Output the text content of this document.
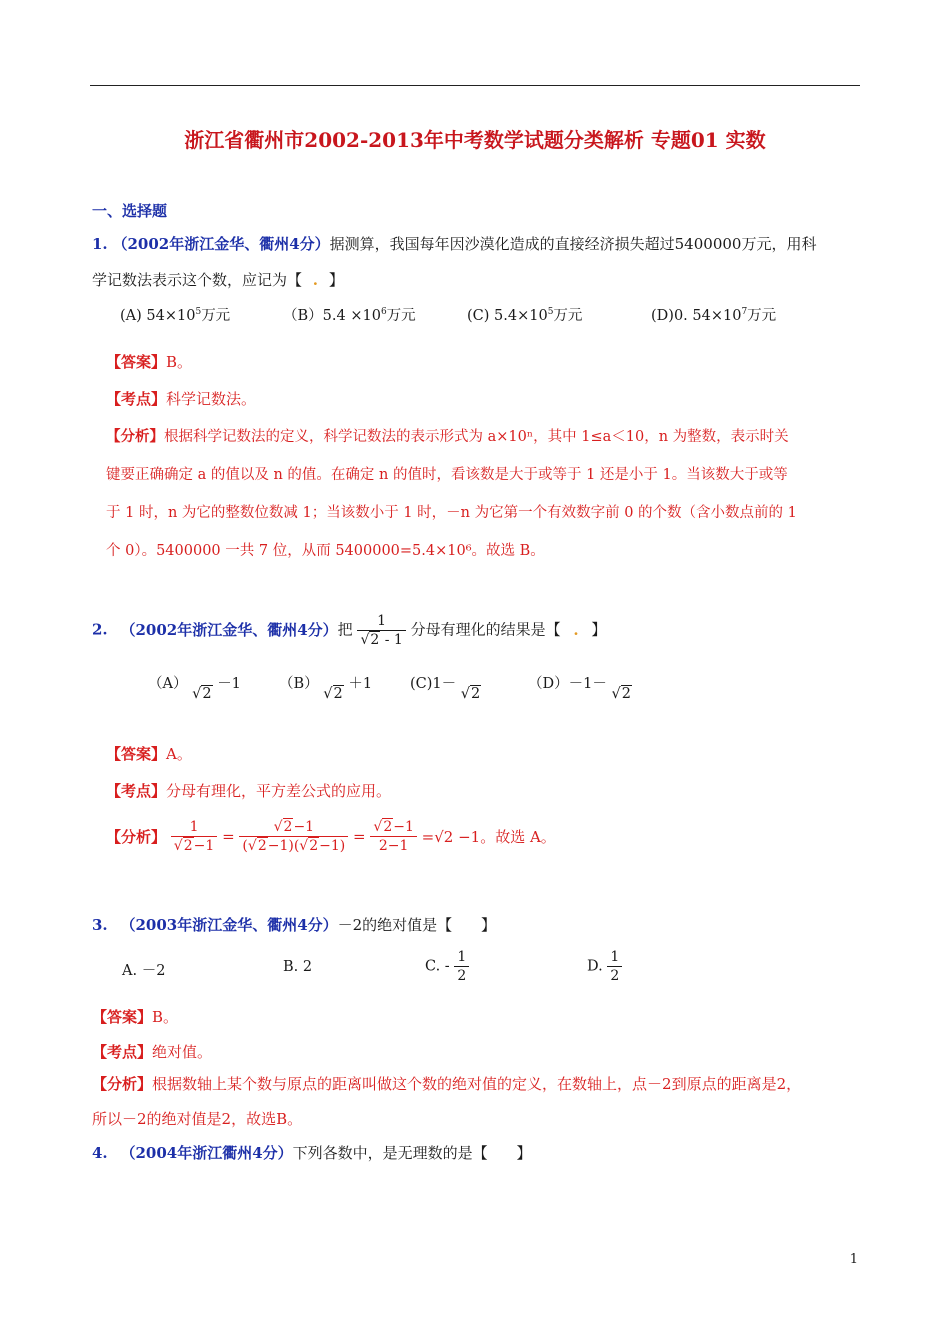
浙江省衢州市2002-2013年中考数学试题分类解析 专题01 实数
一、选择题
1. （2002年浙江金华、衢州4分）据测算，我国每年因沙漠化造成的直接经济损失超过5400000万元，用科
学记数法表示这个数，应记为【 . 】
(A) $54\times 10^5$万元	$(B)5.4 \times 10^6$万元	(C) $5.4\times 10^5$万元	(D)0. $54\times 10^7$万元
【答案】B。
【考点】科学记数法。
【分析】根据科学记数法的定义，科学记数法的表示形式为 a×10ⁿ，其中 1≤a＜10，n 为整数，表示时关
键要正确确定 a 的值以及 n 的值。在确定 n 的值时，看该数是大于或等于 1 还是小于 1。当该数大于或等
于 1 时，n 为它的整数位数减 1；当该数小于 1 时，－n 为它第一个有效数字前 0 的个数（含小数点前的 1
个 0）。5400000 一共 7 位，从而 5400000=5.4×10⁶。故选 B。
2. （2002年浙江金华、衢州4分）把 $\frac{1}{√2 - 1}$ 分母有理化的结果是【 . 】
（A） √2 －1	（B） √2 ＋1	(C)1－ √2
（D）－1－ √2
【答案】A。
【考点】分母有理化，平方差公式的应用。
【分析】 $\frac{1}{√2-1} = \frac{√2-1}{(√2-1)(√2-1)} = \frac{√2-1}{2-1} =√2 -1$。故选 A。
3. （2003年浙江金华、衢州4分）－2的绝对值是【 】
A. －2	B. 2	C. - $\frac{1}{2}$	D. $\frac{1}{2}$
【答案】B。
【考点】绝对值。
【分析】根据数轴上某个数与原点的距离叫做这个数的绝对值的定义，在数轴上，点－2到原点的距离是2，
所以－2的绝对值是2，故选B。
4. （2004年浙江衢州4分）下列各数中，是无理数的是【 】
1
